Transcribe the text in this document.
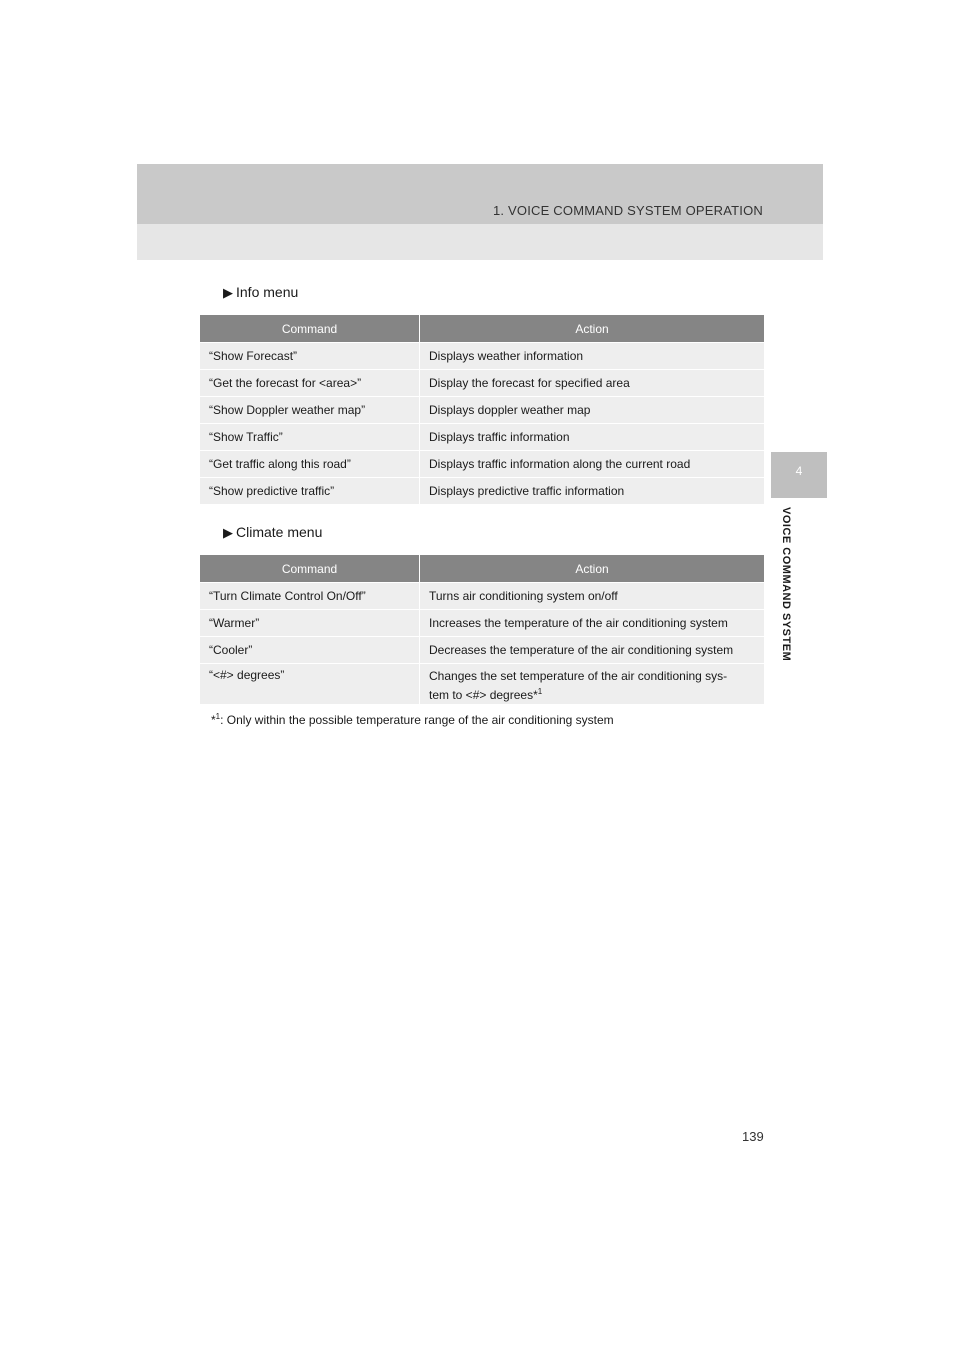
1. VOICE COMMAND SYSTEM OPERATION
4
VOICE COMMAND SYSTEM
▶ Info menu
Command	Action
“Show Forecast”	Displays weather information
“Get the forecast for <area>”	Display the forecast for specified area
“Show Doppler weather map”	Displays doppler weather map
“Show Traffic”	Displays traffic information
“Get traffic along this road”	Displays traffic information along the current road
“Show predictive traffic”	Displays predictive traffic information
▶ Climate menu
Command	Action
“Turn Climate Control On/Off”	Turns air conditioning system on/off
“Warmer”	Increases the temperature of the air conditioning system
“Cooler”	Decreases the temperature of the air conditioning system
“<#> degrees”	Changes the set temperature of the air conditioning sys-
tem to <#> degrees*$^1$
*$^1$: Only within the possible temperature range of the air conditioning system
139
